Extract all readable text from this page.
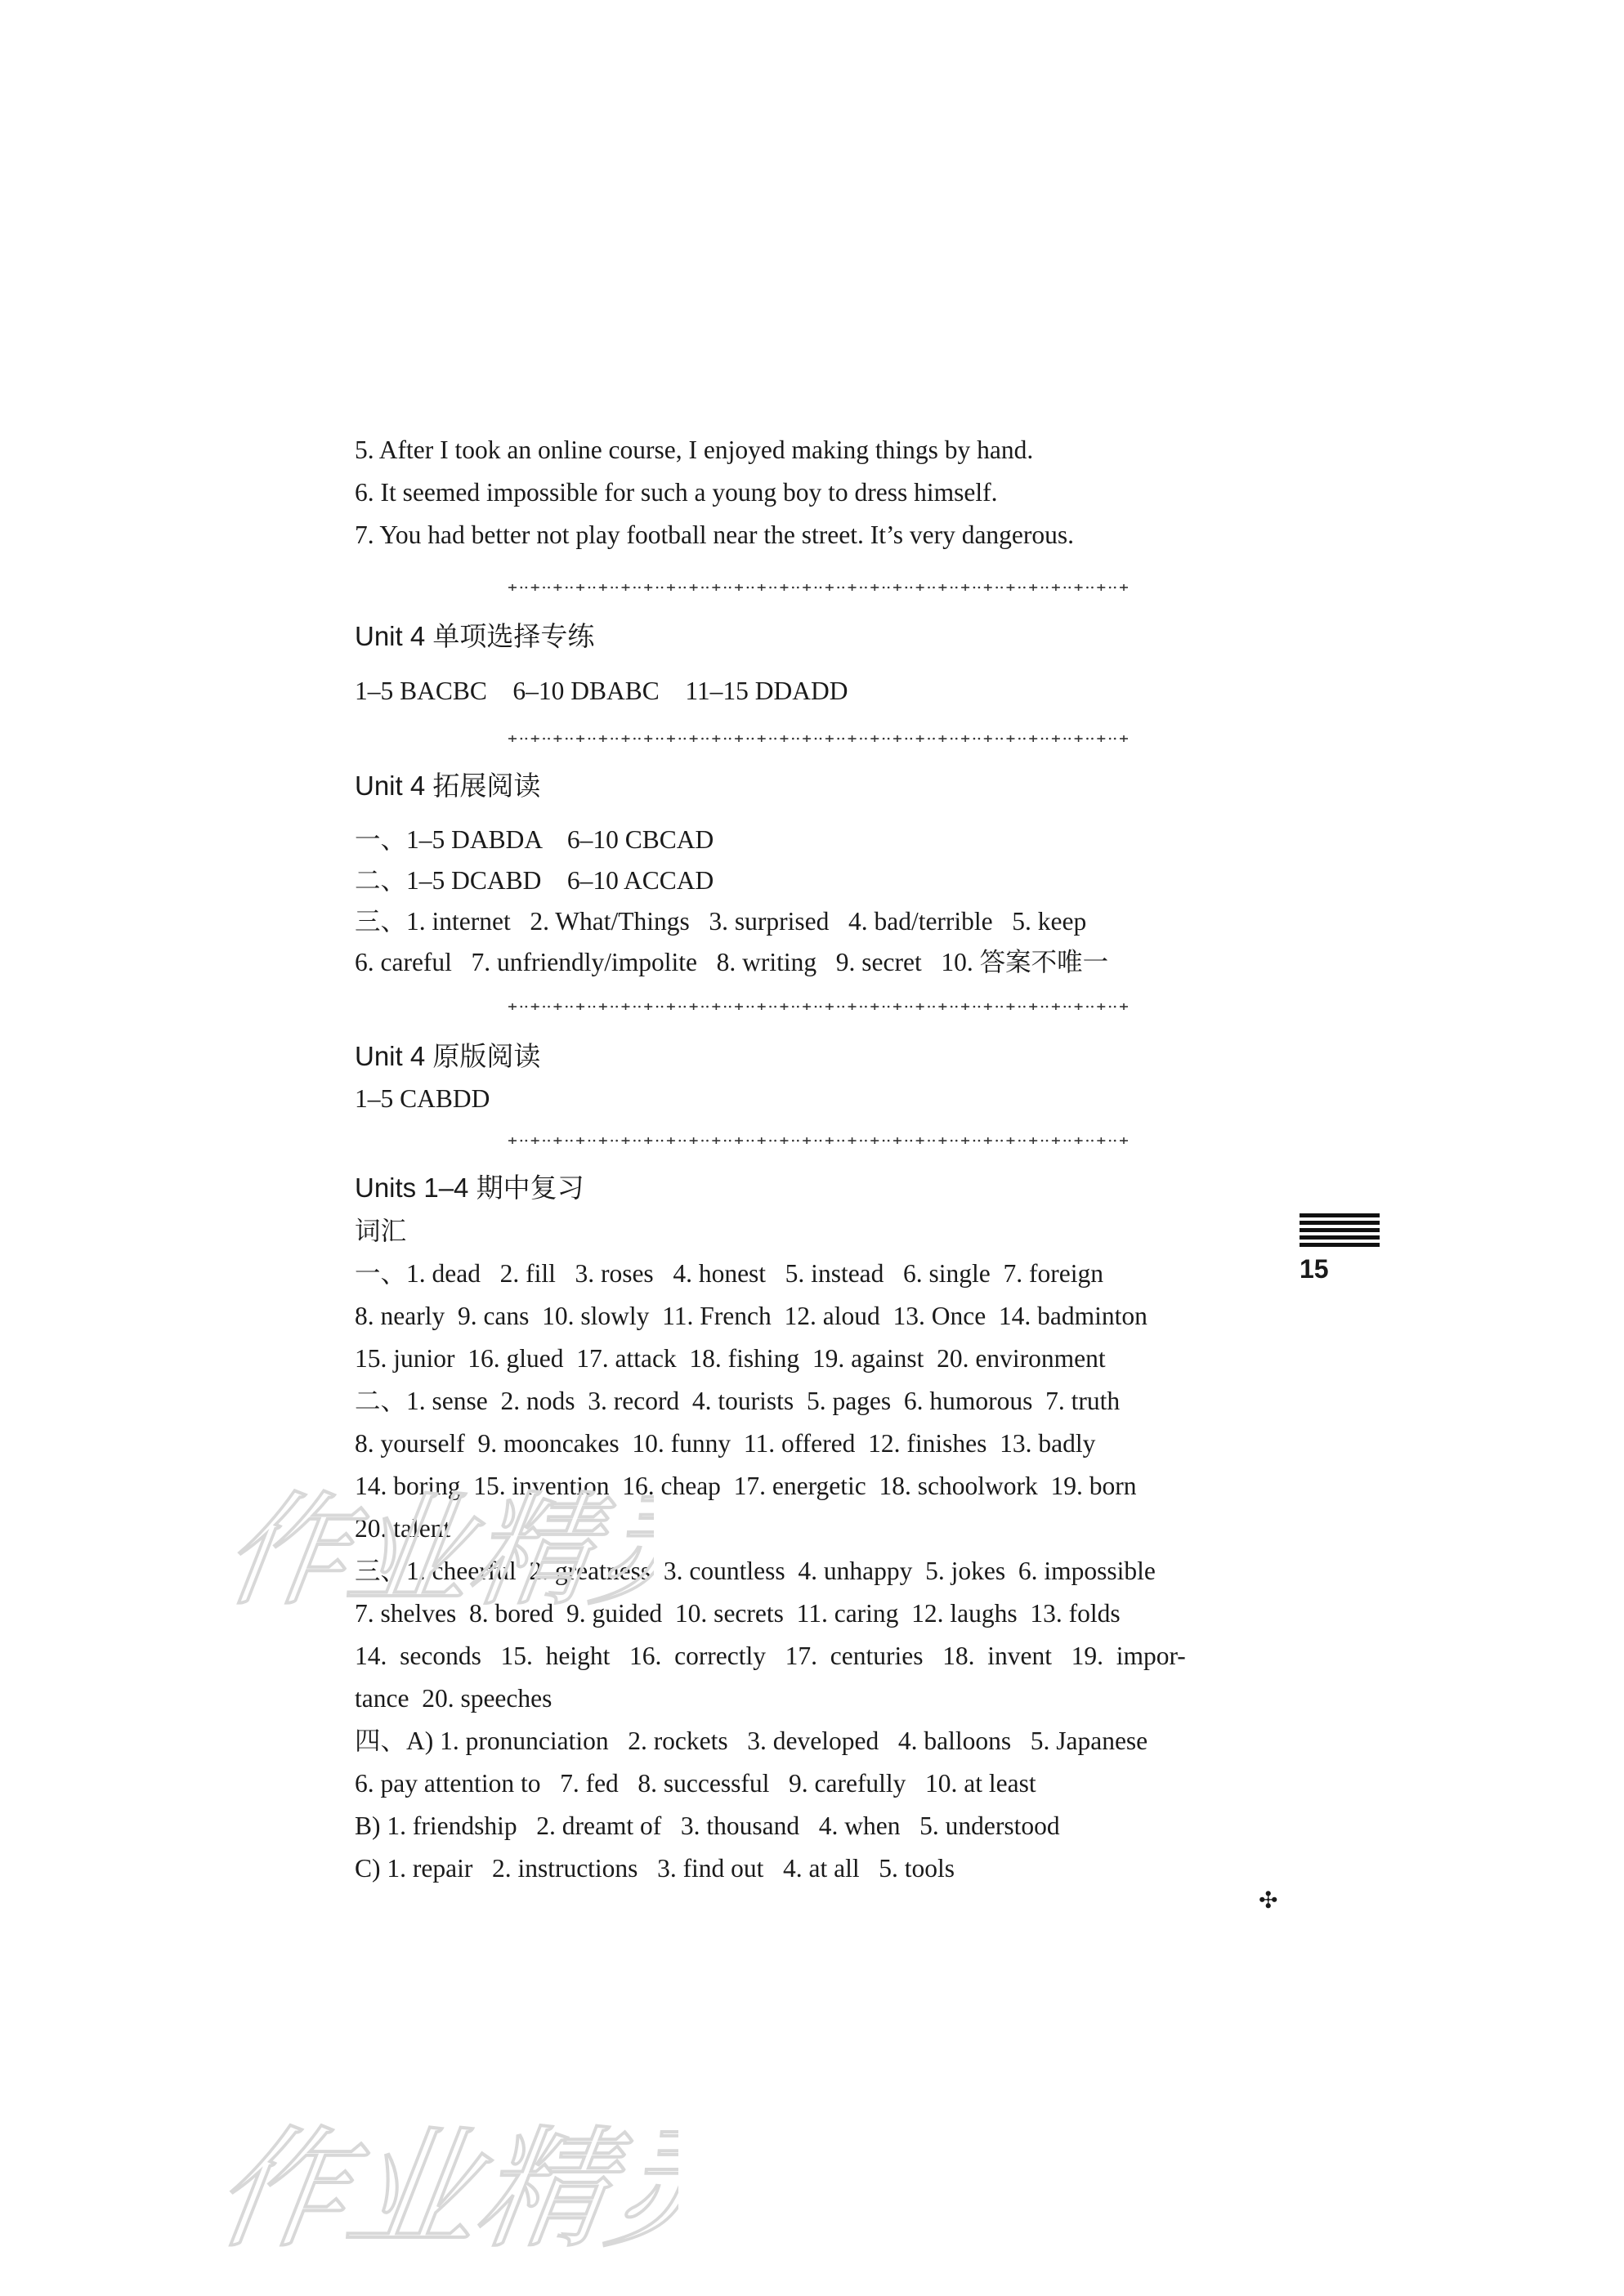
5. After I took an online course, I enjoyed making things by hand.
6. It seemed impossible for such a young boy to dress himself.
7. You had better not play football near the street. It’s very dangerous.
Unit 4 单项选择专练
1–5 BACBC    6–10 DBABC    11–15 DDADD
Unit 4 拓展阅读
一、1–5 DABDA    6–10 CBCAD
二、1–5 DCABD    6–10 ACCAD
三、1. internet   2. What/Things   3. surprised   4. bad/terrible   5. keep
6. careful   7. unfriendly/impolite   8. writing   9. secret   10. 答案不唯一
Unit 4 原版阅读
1–5 CABDD
Units 1–4 期中复习
词汇
一、1. dead   2. fill   3. roses   4. honest   5. instead   6. single  7. foreign
8. nearly  9. cans  10. slowly  11. French  12. aloud  13. Once  14. badminton
15. junior  16. glued  17. attack  18. fishing  19. against  20. environment
二、1. sense  2. nods  3. record  4. tourists  5. pages  6. humorous  7. truth
8. yourself  9. mooncakes  10. funny  11. offered  12. finishes  13. badly
14. boring  15. invention  16. cheap  17. energetic  18. schoolwork  19. born
20. talent
三、1. cheerful  2. greatness  3. countless  4. unhappy  5. jokes  6. impossible
7. shelves  8. bored  9. guided  10. secrets  11. caring  12. laughs  13. folds
14.  seconds   15.  height   16.  correctly   17.  centuries   18.  invent   19.  impor-
tance  20. speeches
四、A) 1. pronunciation   2. rockets   3. developed   4. balloons   5. Japanese
6. pay attention to   7. fed   8. successful   9. carefully   10. at least
B) 1. friendship   2. dreamt of   3. thousand   4. when   5. understood
C) 1. repair   2. instructions   3. find out   4. at all   5. tools
15
✣
作业精灵
作业精灵
